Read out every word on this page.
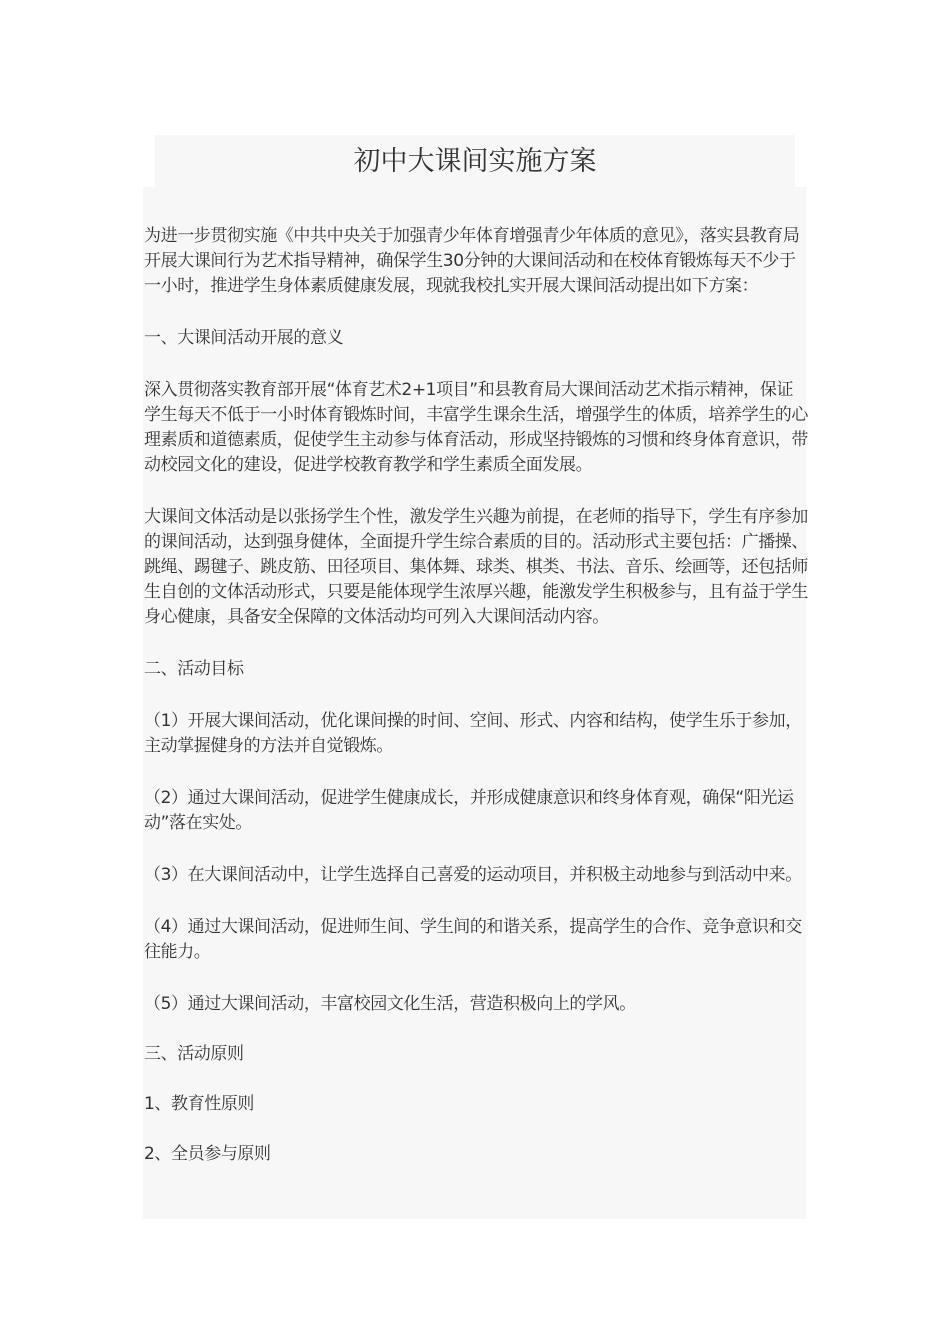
初中大课间实施方案

为进一步贯彻实施《中共中央关于加强青少年体育增强青少年体质的意见》，落实县教育局开展大课间行为艺术指导精神，确保学生30分钟的大课间活动和在校体育锻炼每天不少于一小时，推进学生身体素质健康发展，现就我校扎实开展大课间活动提出如下方案：

一、大课间活动开展的意义

深入贯彻落实教育部开展“体育艺术2+1项目”和县教育局大课间活动艺术指示精神，保证学生每天不低于一小时体育锻炼时间，丰富学生课余生活，增强学生的体质，培养学生的心理素质和道德素质，促使学生主动参与体育活动，形成坚持锻炼的习惯和终身体育意识，带动校园文化的建设，促进学校教育教学和学生素质全面发展。

大课间文体活动是以张扬学生个性，激发学生兴趣为前提，在老师的指导下，学生有序参加的课间活动，达到强身健体，全面提升学生综合素质的目的。活动形式主要包括：广播操、跳绳、踢毽子、跳皮筋、田径项目、集体舞、球类、棋类、书法、音乐、绘画等，还包括师生自创的文体活动形式，只要是能体现学生浓厚兴趣，能激发学生积极参与，且有益于学生身心健康，具备安全保障的文体活动均可列入大课间活动内容。

二、活动目标

（1）开展大课间活动，优化课间操的时间、空间、形式、内容和结构，使学生乐于参加，主动掌握健身的方法并自觉锻炼。

（2）通过大课间活动，促进学生健康成长，并形成健康意识和终身体育观，确保“阳光运动”落在实处。

（3）在大课间活动中，让学生选择自己喜爱的运动项目，并积极主动地参与到活动中来。

（4）通过大课间活动，促进师生间、学生间的和谐关系，提高学生的合作、竞争意识和交往能力。

（5）通过大课间活动，丰富校园文化生活，营造积极向上的学风。

三、活动原则

1、教育性原则

2、全员参与原则
